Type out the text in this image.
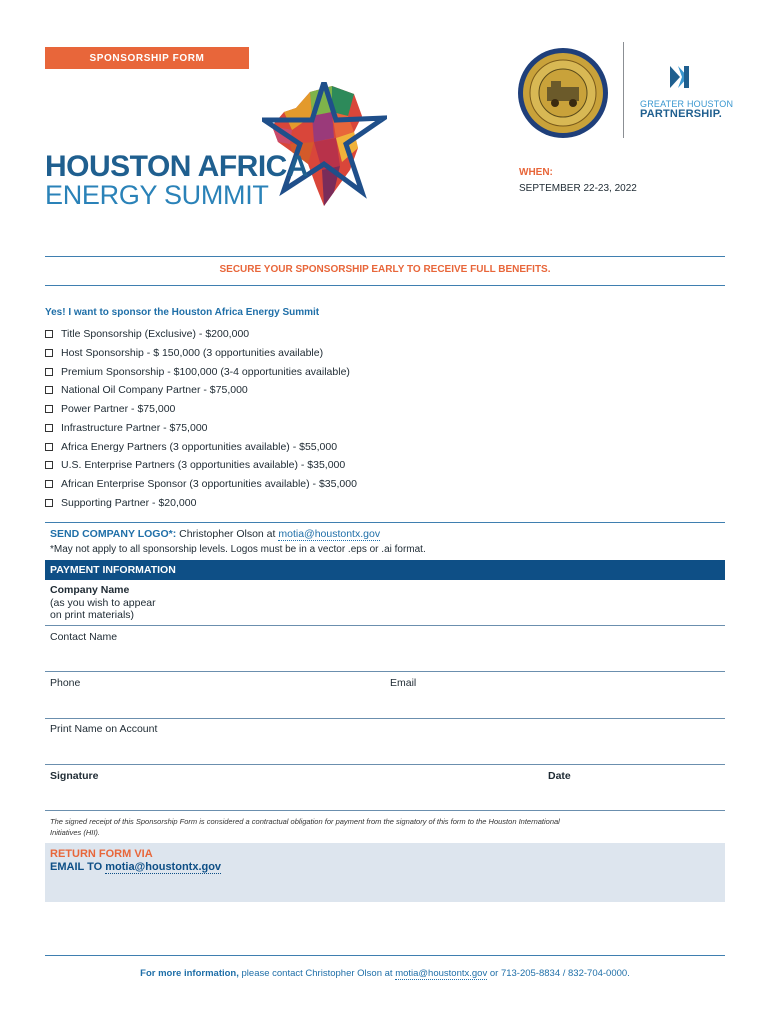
SPONSORSHIP FORM
HOUSTON AFRICA
ENERGY SUMMIT
GREATER HOUSTON
PARTNERSHIP.
WHEN:
SEPTEMBER 22-23, 2022
SECURE YOUR SPONSORSHIP EARLY TO RECEIVE FULL BENEFITS.
Yes! I want to sponsor the Houston Africa Energy Summit
Title Sponsorship (Exclusive) - $200,000
Host Sponsorship - $ 150,000 (3 opportunities available)
Premium Sponsorship - $100,000 (3-4 opportunities available)
National Oil Company Partner - $75,000
Power Partner - $75,000
Infrastructure Partner - $75,000
Africa Energy Partners (3 opportunities available) - $55,000
U.S. Enterprise Partners (3 opportunities available) - $35,000
African Enterprise Sponsor (3 opportunities available) - $35,000
Supporting Partner - $20,000
SEND COMPANY LOGO*: Christopher Olson at motia@houstontx.gov
*May not apply to all sponsorship levels. Logos must be in a vector .eps or .ai format.
PAYMENT INFORMATION
Company Name
(as you wish to appear
on print materials)
Contact Name
Phone	Email
Print Name on Account
Signature	Date
The signed receipt of this Sponsorship Form is considered a contractual obligation for payment from the signatory of this form to the Houston International Initiatives (HII).
RETURN FORM VIA
EMAIL TO motia@houstontx.gov
For more information, please contact Christopher Olson at motia@houstontx.gov or 713-205-8834 / 832-704-0000.
